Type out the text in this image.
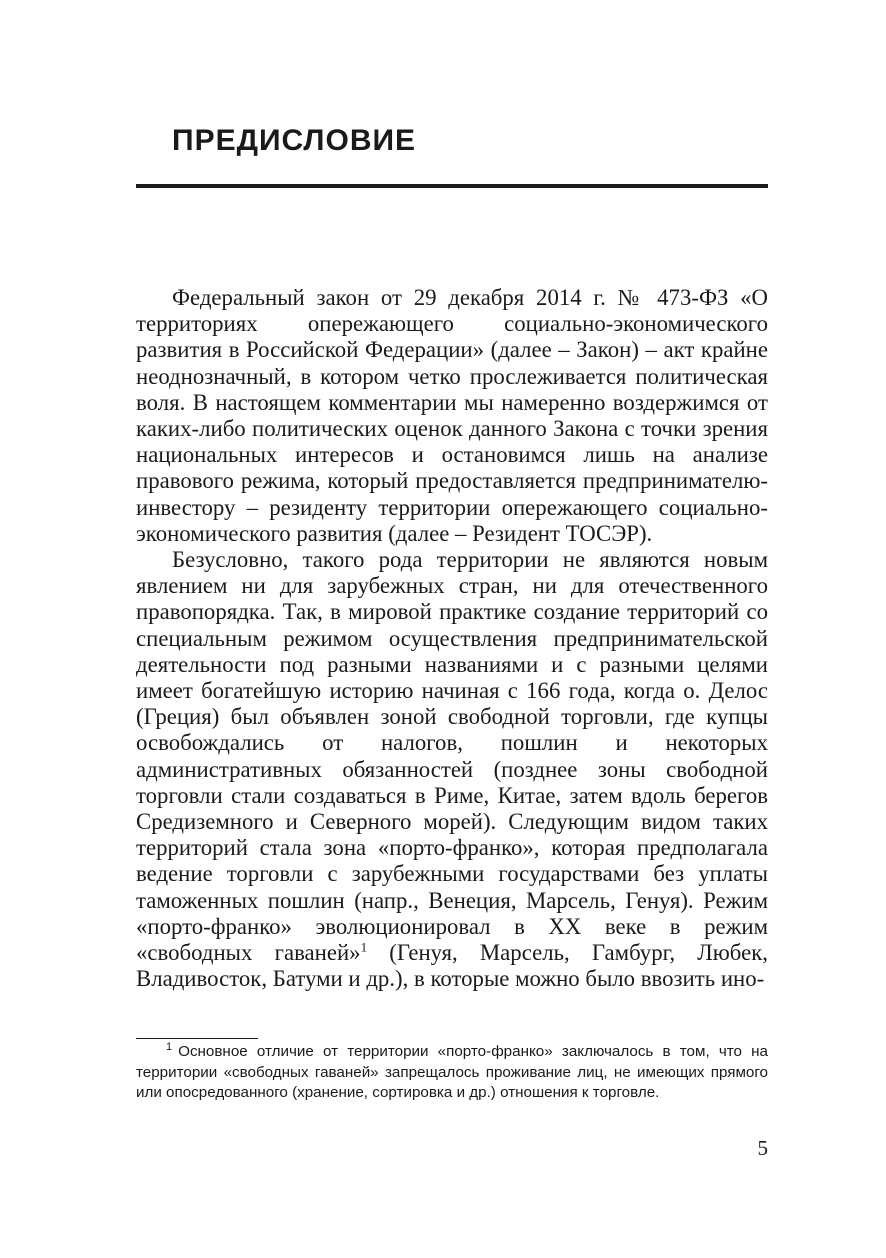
ПРЕДИСЛОВИЕ

Федеральный закон от 29 декабря 2014 г. № 473-ФЗ «О территориях опережающего социально-экономического развития в Российской Федерации» (далее – Закон) – акт крайне неоднозначный, в котором четко прослеживается политическая воля. В настоящем комментарии мы намеренно воздержимся от каких-либо политических оценок данного Закона с точки зрения национальных интересов и остановимся лишь на анализе правового режима, который предоставляется предпринимателю-инвестору – резиденту территории опережающего социально-экономического развития (далее – Резидент ТОСЭР).

Безусловно, такого рода территории не являются новым явлением ни для зарубежных стран, ни для отечественного правопорядка. Так, в мировой практике создание территорий со специальным режимом осуществления предпринимательской деятельности под разными названиями и с разными целями имеет богатейшую историю начиная с 166 года, когда о. Делос (Греция) был объявлен зоной свободной торговли, где купцы освобождались от налогов, пошлин и некоторых административных обязанностей (позднее зоны свободной торговли стали создаваться в Риме, Китае, затем вдоль берегов Средиземного и Северного морей). Следующим видом таких территорий стала зона «порто-франко», которая предполагала ведение торговли с зарубежными государствами без уплаты таможенных пошлин (напр., Венеция, Марсель, Генуя). Режим «порто-франко» эволюционировал в XX веке в режим «свободных гаваней»$^1$ (Генуя, Марсель, Гамбург, Любек, Владивосток, Батуми и др.), в которые можно было ввозить ино-

$^1$ Основное отличие от территории «порто-франко» заключалось в том, что на территории «свободных гаваней» запрещалось проживание лиц, не имеющих прямого или опосредованного (хранение, сортировка и др.) отношения к торговле.

5
